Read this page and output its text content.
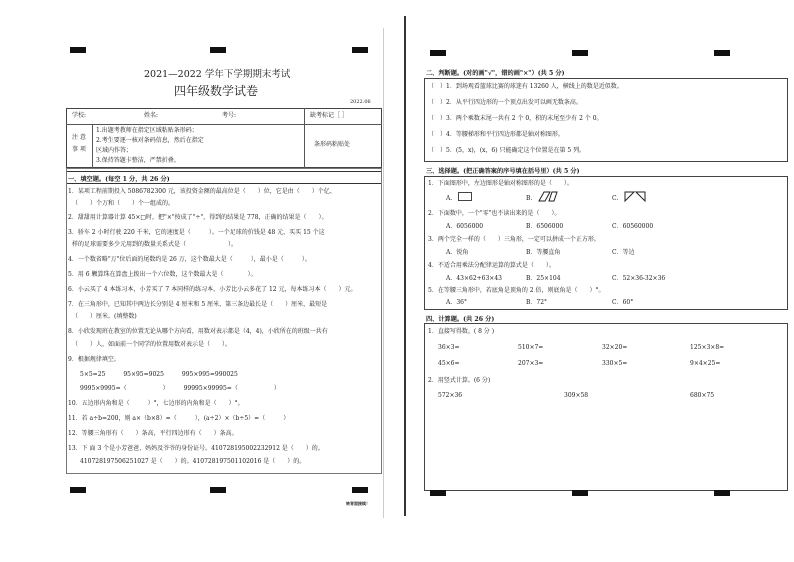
2021—2022 学年下学期期末考试
四年级数学试卷
2022.06
学校:	姓名:	考号:	缺考标记［ ］
注 意
事 项
1.出题考教师在指定区域粘贴条形码；
2.考生要逐一核对条码信息，然后在指定
区域内作答；
3.保持答题卡整洁，严禁折叠。
条形码粘贴处
一、填空题。(每空 1 分，共 26 分)
1．某项工程前期投入 5086782300 元，该投资金额的最高位是（　　）位，它是由（　　）个亿、
（　　）个万和（　　）个一组成的。
2．甜甜用计算器计算 45×□时，把"×"按成了"÷"，得到的结果是 778，正确的结果是（　　）。
3．骄车 2 小时行驶 220 千米，它的速度是（　　　）。一个足球的价钱是 48 元，买买 15 个这
样的足球需要多少元用到的数量关系式是（　　　　　　　）。
4．一个数省略"万"位后面的尾数约是 26 万，这个数最大是（　　　），最小是（　　　）。
5．用 6 颗算珠在算盘上拨出一个六位数，这个数最大是（　　　　）。
6．小云买了 4 本练习本，小芳买了 7 本同样的练习本，小芳比小云多花了 12 元，每本练习本（　　）元。
7．在三角形中，已知其中两边长分别是 4 厘米和 5 厘米，第三条边最长是（　　）厘米，最短是
（　　）厘米。(填整数)
8．小欣发现班在教室的位置无论从哪个方向看，用数对表示都是（4，4)，小欣所在的班级一共有
（　　）人，如面前一个同学的位置用数对表示是（　　）。
9．根据规律填空。
5×5=25　　　95×95=9025　　　995×995=990025
9995×9995=（　　　　　　）　　　99995×99995=（　　　　　　）
10．五边形内角和是（　　　）°，七边形的内角和是（　　）°。
11．若 a÷b=200，则 a×（b×8）=（　　　），(a÷2）×（b÷5）=（　　　）
12．等腰三角形有（　　）条高，平行四边形有（　　）条高。
13．下 面 3 个是小芳爸爸、妈妈及爷爷的身份证号。410728195002232912 是（　　）的。
410728197506251027 是（　　）的。410728197501102016 是（　　）的。
二、判断题。(对的画"√"，错的画"×"）(共 5 分)
（　）1．到场观看篮球比赛的球迷有 13260 人，横线上的数是近似数。
（　）2．从平行四边形的一个顶点出发可以画无数条高。
（　）3．两个乘数末尾一共有 2 个 0，积的末尾至少有 2 个 0。
（　）4．等腰梯形和平行四边形都是轴对称图形。
（　）5．(5，x)，(x，6) 只能确定这个位置是在第 5 列。
三、选择题。(把正确答案的序号填在括号里）(共 5 分)
1．下面图形中，左边图形是轴对称图形的是（　　）。
A.	B.	C.
2．下面数中，一个"零"也不读出来的是（　　）。
A．6056000	B．6506000	C．60560000
3．两个完全一样的（　　）三角形，一定可以拼成一个正方形。
A．锐角	B．等腰直角	C．等边
4．不适合用乘法分配律运算的算式是（　　）。
A．43×62+63×43	B．25×104	C．52×36-32×36
5．在等腰三角形中，若底角是顶角的 2 倍，则底角是（　　）°。
A．36°	B．72°	C．60°
四、计算题。(共 26 分)
1．直接写得数。( 8 分 )
36×3=	510×7=	32×20=	125×3×8=
45×6=	207×3=	330×5=	9×4×25=
2．用竖式计算。(6 分)
572×36	309×58	680×75
转背面接续！
